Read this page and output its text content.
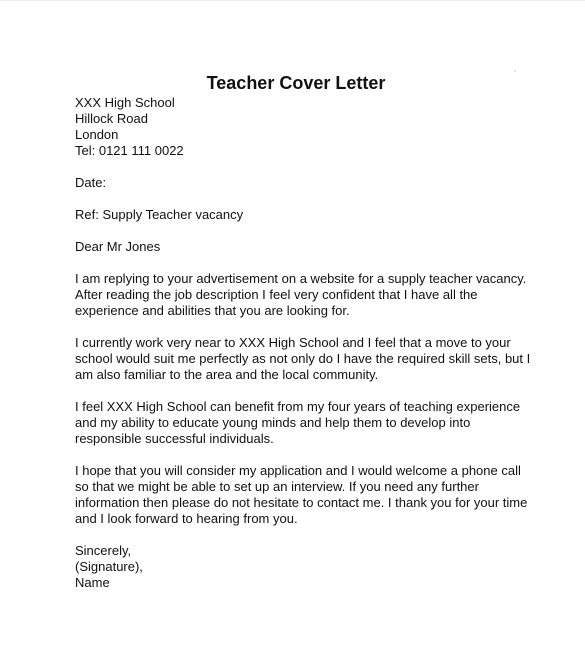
Teacher Cover Letter
XXX High School
Hillock Road
London
Tel: 0121 111 0022
Date:
Ref: Supply Teacher vacancy
Dear Mr Jones
I am replying to your advertisement on a website for a supply teacher vacancy.
After reading the job description I feel very confident that I have all the
experience and abilities that you are looking for.
I currently work very near to XXX High School and I feel that a move to your
school would suit me perfectly as not only do I have the required skill sets, but I
am also familiar to the area and the local community.
I feel XXX High School can benefit from my four years of teaching experience
and my ability to educate young minds and help them to develop into
responsible successful individuals.
I hope that you will consider my application and I would welcome a phone call
so that we might be able to set up an interview. If you need any further
information then please do not hesitate to contact me. I thank you for your time
and I look forward to hearing from you.
Sincerely,
(Signature),
Name
